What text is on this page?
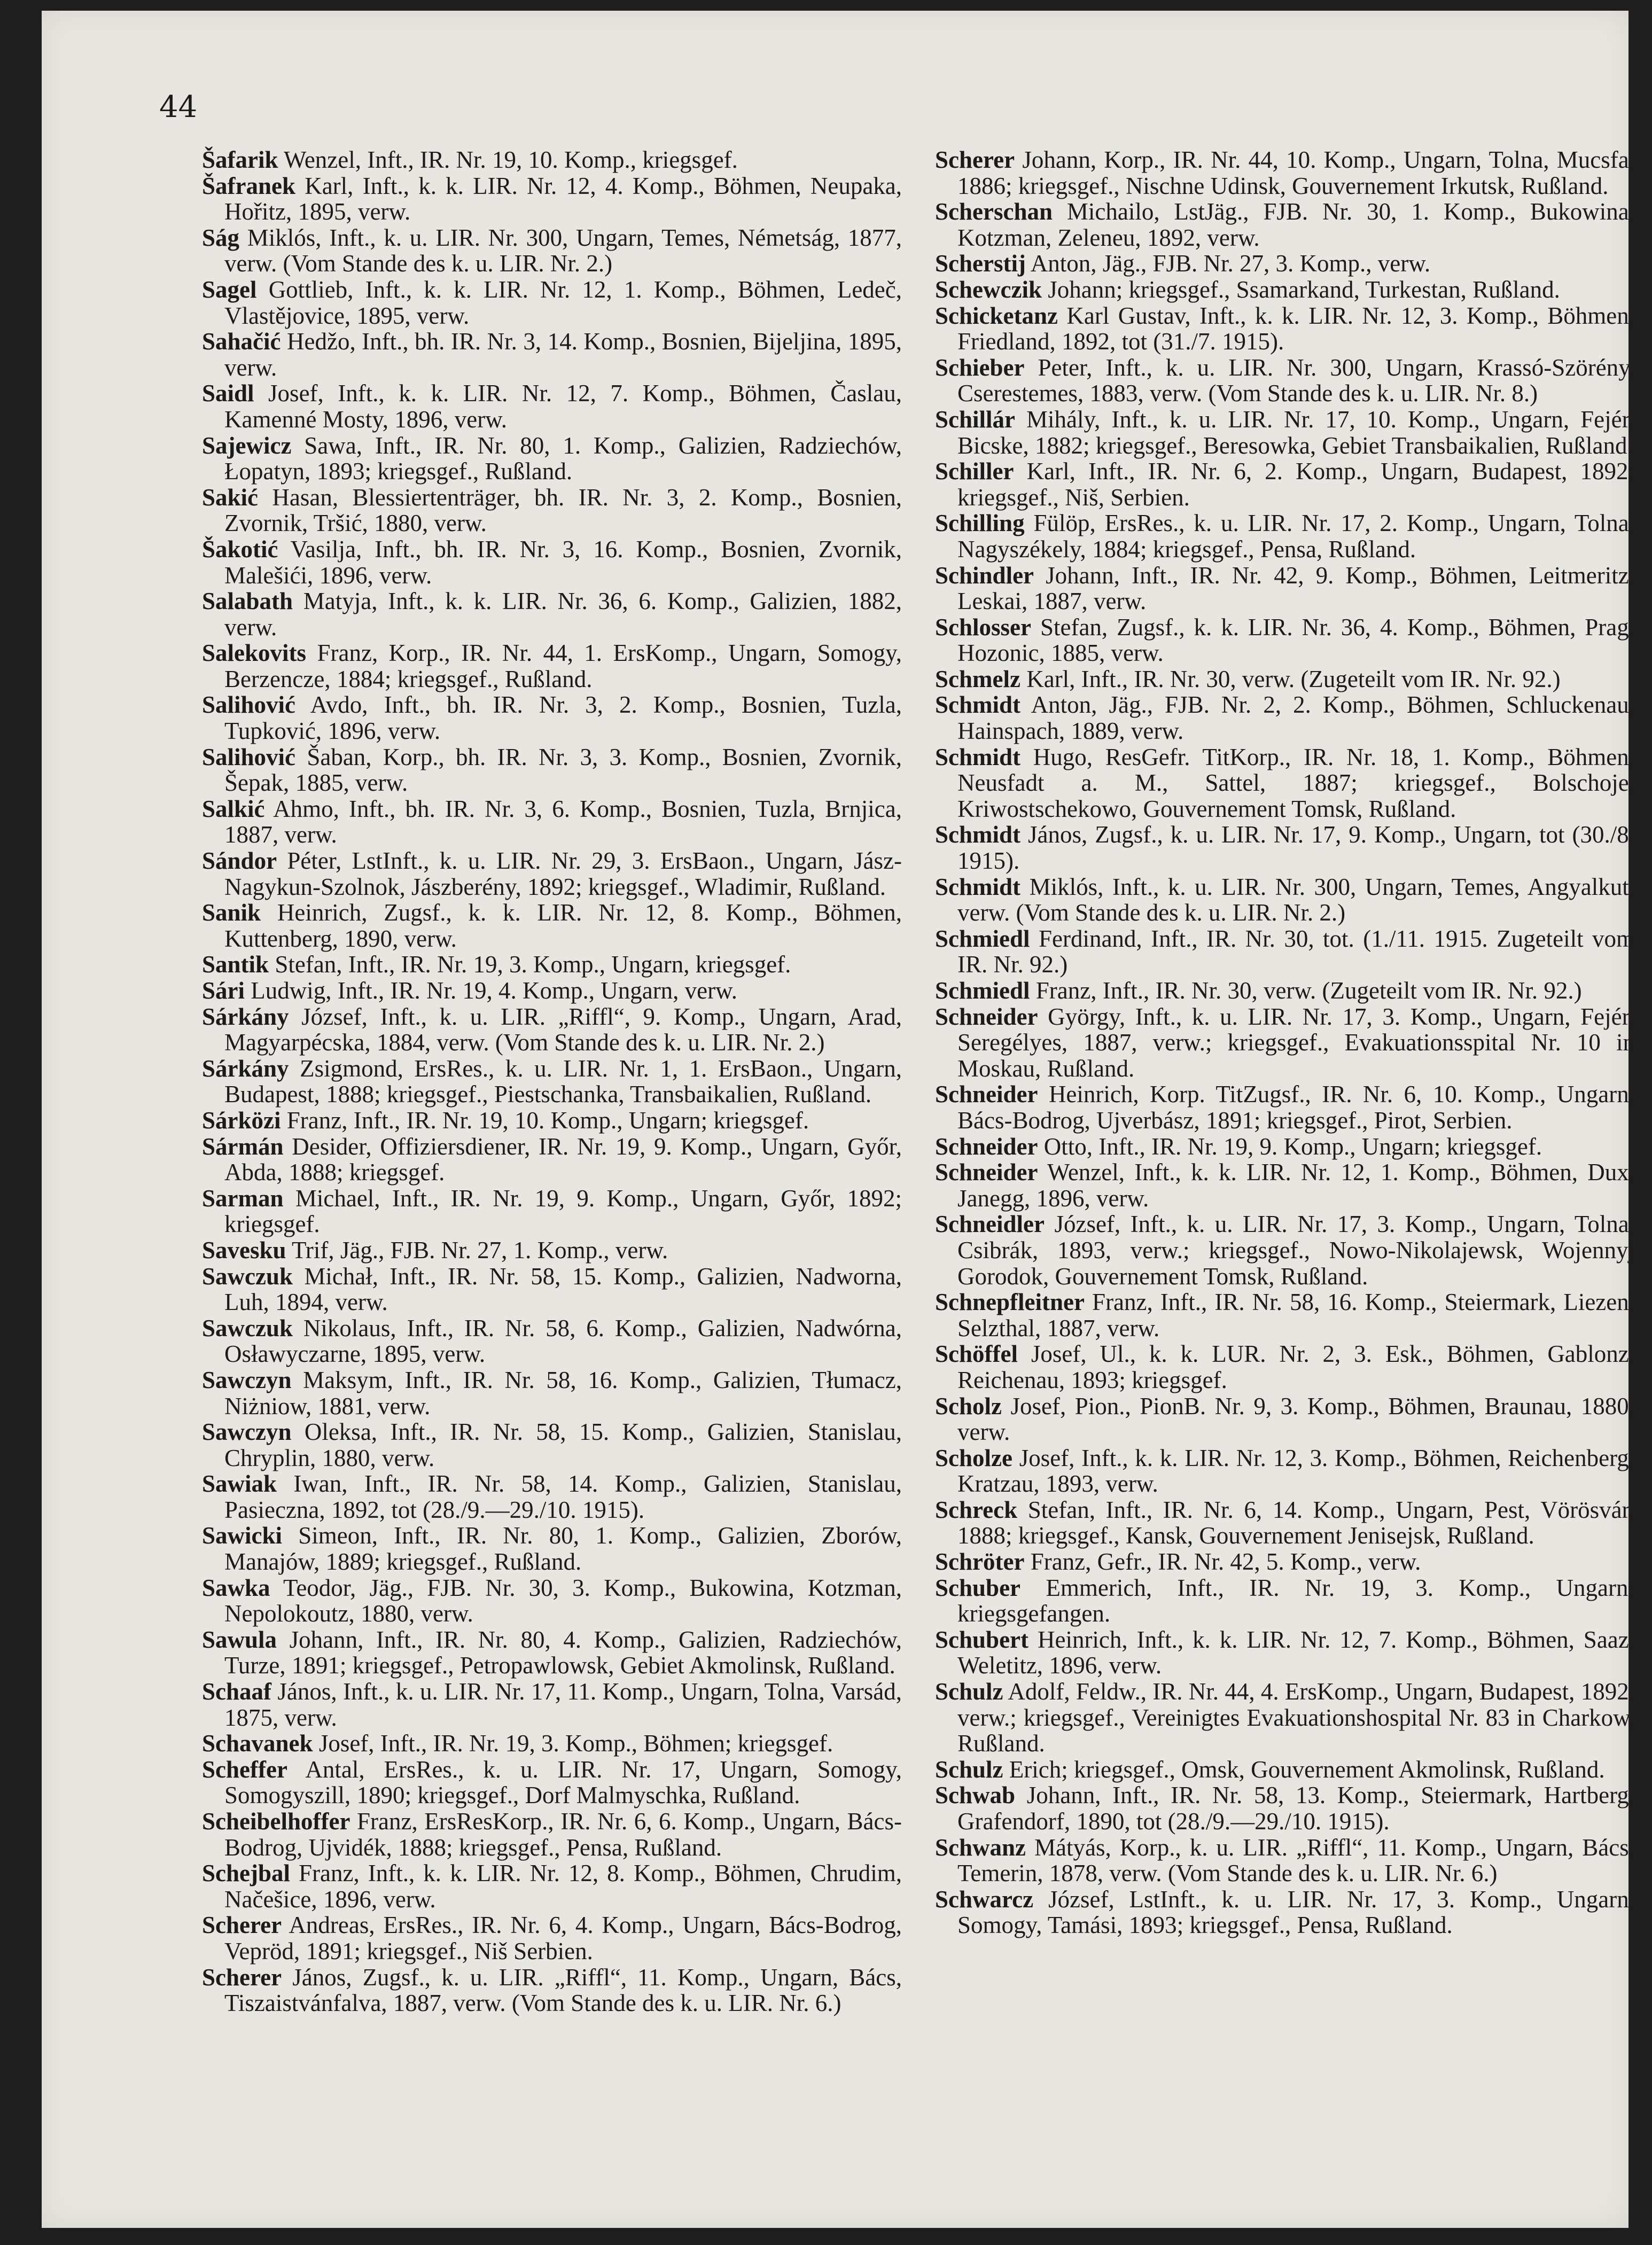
44

Šafarik Wenzel, Inft., IR. Nr. 19, 10. Komp., kriegsgef.

Šafranek Karl, Inft., k. k. LIR. Nr. 12, 4. Komp., Böhmen, Neupaka, Hořitz, 1895, verw.

Ság Miklós, Inft., k. u. LIR. Nr. 300, Ungarn, Temes, Németság, 1877, verw. (Vom Stande des k. u. LIR. Nr. 2.)

Sagel Gottlieb, Inft., k. k. LIR. Nr. 12, 1. Komp., Böhmen, Ledeč, Vlastějovice, 1895, verw.

Sahačić Hedžo, Inft., bh. IR. Nr. 3, 14. Komp., Bosnien, Bijeljina, 1895, verw.

Saidl Josef, Inft., k. k. LIR. Nr. 12, 7. Komp., Böhmen, Časlau, Kamenné Mosty, 1896, verw.

Sajewicz Sawa, Inft., IR. Nr. 80, 1. Komp., Galizien, Radziechów, Łopatyn, 1893; kriegsgef., Rußland.

Sakić Hasan, Blessiertenträger, bh. IR. Nr. 3, 2. Komp., Bosnien, Zvornik, Tršić, 1880, verw.

Šakotić Vasilja, Inft., bh. IR. Nr. 3, 16. Komp., Bosnien, Zvornik, Malešići, 1896, verw.

Salabath Matyja, Inft., k. k. LIR. Nr. 36, 6. Komp., Galizien, 1882, verw.

Salekovits Franz, Korp., IR. Nr. 44, 1. ErsKomp., Ungarn, Somogy, Berzencze, 1884; kriegsgef., Rußland.

Salihović Avdo, Inft., bh. IR. Nr. 3, 2. Komp., Bosnien, Tuzla, Tupković, 1896, verw.

Salihović Šaban, Korp., bh. IR. Nr. 3, 3. Komp., Bosnien, Zvornik, Šepak, 1885, verw.

Salkić Ahmo, Inft., bh. IR. Nr. 3, 6. Komp., Bosnien, Tuzla, Brnjica, 1887, verw.

Sándor Péter, LstInft., k. u. LIR. Nr. 29, 3. ErsBaon., Ungarn, Jász-Nagykun-Szolnok, Jászberény, 1892; kriegsgef., Wladimir, Rußland.

Sanik Heinrich, Zugsf., k. k. LIR. Nr. 12, 8. Komp., Böhmen, Kuttenberg, 1890, verw.

Santik Stefan, Inft., IR. Nr. 19, 3. Komp., Ungarn, kriegsgef.

Sári Ludwig, Inft., IR. Nr. 19, 4. Komp., Ungarn, verw.

Sárkány József, Inft., k. u. LIR. „Riffl“, 9. Komp., Ungarn, Arad, Magyarpécska, 1884, verw. (Vom Stande des k. u. LIR. Nr. 2.)

Sárkány Zsigmond, ErsRes., k. u. LIR. Nr. 1, 1. ErsBaon., Ungarn, Budapest, 1888; kriegsgef., Piestschanka, Transbaikalien, Rußland.

Sárközi Franz, Inft., IR. Nr. 19, 10. Komp., Ungarn; kriegsgef.

Sármán Desider, Offiziersdiener, IR. Nr. 19, 9. Komp., Ungarn, Győr, Abda, 1888; kriegsgef.

Sarman Michael, Inft., IR. Nr. 19, 9. Komp., Ungarn, Győr, 1892; kriegsgef.

Savesku Trif, Jäg., FJB. Nr. 27, 1. Komp., verw.

Sawczuk Michał, Inft., IR. Nr. 58, 15. Komp., Galizien, Nadworna, Luh, 1894, verw.

Sawczuk Nikolaus, Inft., IR. Nr. 58, 6. Komp., Galizien, Nadwórna, Osławyczarne, 1895, verw.

Sawczyn Maksym, Inft., IR. Nr. 58, 16. Komp., Galizien, Tłumacz, Niżniow, 1881, verw.

Sawczyn Oleksa, Inft., IR. Nr. 58, 15. Komp., Galizien, Stanislau, Chryplin, 1880, verw.

Sawiak Iwan, Inft., IR. Nr. 58, 14. Komp., Galizien, Stanislau, Pasieczna, 1892, tot (28./9.—29./10. 1915).

Sawicki Simeon, Inft., IR. Nr. 80, 1. Komp., Galizien, Zborów, Manajów, 1889; kriegsgef., Rußland.

Sawka Teodor, Jäg., FJB. Nr. 30, 3. Komp., Bukowina, Kotzman, Nepolokoutz, 1880, verw.

Sawula Johann, Inft., IR. Nr. 80, 4. Komp., Galizien, Radziechów, Turze, 1891; kriegsgef., Petropawlowsk, Gebiet Akmolinsk, Rußland.

Schaaf János, Inft., k. u. LIR. Nr. 17, 11. Komp., Ungarn, Tolna, Varsád, 1875, verw.

Schavanek Josef, Inft., IR. Nr. 19, 3. Komp., Böhmen; kriegsgef.

Scheffer Antal, ErsRes., k. u. LIR. Nr. 17, Ungarn, Somogy, Somogyszill, 1890; kriegsgef., Dorf Malmyschka, Rußland.

Scheibelhoffer Franz, ErsResKorp., IR. Nr. 6, 6. Komp., Ungarn, Bács-Bodrog, Ujvidék, 1888; kriegsgef., Pensa, Rußland.

Schejbal Franz, Inft., k. k. LIR. Nr. 12, 8. Komp., Böhmen, Chrudim, Načešice, 1896, verw.

Scherer Andreas, ErsRes., IR. Nr. 6, 4. Komp., Ungarn, Bács-Bodrog, Vepröd, 1891; kriegsgef., Niš Serbien.

Scherer János, Zugsf., k. u. LIR. „Riffl“, 11. Komp., Ungarn, Bács, Tiszaistvánfalva, 1887, verw. (Vom Stande des k. u. LIR. Nr. 6.)

Scherer Johann, Korp., IR. Nr. 44, 10. Komp., Ungarn, Tolna, Mucsfa, 1886; kriegsgef., Nischne Udinsk, Gouvernement Irkutsk, Rußland.

Scherschan Michailo, LstJäg., FJB. Nr. 30, 1. Komp., Bukowina, Kotzman, Zeleneu, 1892, verw.

Scherstij Anton, Jäg., FJB. Nr. 27, 3. Komp., verw.

Schewczik Johann; kriegsgef., Ssamarkand, Turkestan, Rußland.

Schicketanz Karl Gustav, Inft., k. k. LIR. Nr. 12, 3. Komp., Böhmen, Friedland, 1892, tot (31./7. 1915).

Schieber Peter, Inft., k. u. LIR. Nr. 300, Ungarn, Krassó-Szörény, Cserestemes, 1883, verw. (Vom Stande des k. u. LIR. Nr. 8.)

Schillár Mihály, Inft., k. u. LIR. Nr. 17, 10. Komp., Ungarn, Fejér, Bicske, 1882; kriegsgef., Beresowka, Gebiet Transbaikalien, Rußland.

Schiller Karl, Inft., IR. Nr. 6, 2. Komp., Ungarn, Budapest, 1892; kriegsgef., Niš, Serbien.

Schilling Fülöp, ErsRes., k. u. LIR. Nr. 17, 2. Komp., Ungarn, Tolna, Nagyszékely, 1884; kriegsgef., Pensa, Rußland.

Schindler Johann, Inft., IR. Nr. 42, 9. Komp., Böhmen, Leitmeritz, Leskai, 1887, verw.

Schlosser Stefan, Zugsf., k. k. LIR. Nr. 36, 4. Komp., Böhmen, Prag, Hozonic, 1885, verw.

Schmelz Karl, Inft., IR. Nr. 30, verw. (Zugeteilt vom IR. Nr. 92.)

Schmidt Anton, Jäg., FJB. Nr. 2, 2. Komp., Böhmen, Schluckenau, Hainspach, 1889, verw.

Schmidt Hugo, ResGefr. TitKorp., IR. Nr. 18, 1. Komp., Böhmen, Neusfadt a. M., Sattel, 1887; kriegsgef., Bolschoje, Kriwostschekowo, Gouvernement Tomsk, Rußland.

Schmidt János, Zugsf., k. u. LIR. Nr. 17, 9. Komp., Ungarn, tot (30./8. 1915).

Schmidt Miklós, Inft., k. u. LIR. Nr. 300, Ungarn, Temes, Angyalkut, verw. (Vom Stande des k. u. LIR. Nr. 2.)

Schmiedl Ferdinand, Inft., IR. Nr. 30, tot. (1./11. 1915. Zugeteilt vom IR. Nr. 92.)

Schmiedl Franz, Inft., IR. Nr. 30, verw. (Zugeteilt vom IR. Nr. 92.)

Schneider György, Inft., k. u. LIR. Nr. 17, 3. Komp., Ungarn, Fejér, Seregélyes, 1887, verw.; kriegsgef., Evakuationsspital Nr. 10 in Moskau, Rußland.

Schneider Heinrich, Korp. TitZugsf., IR. Nr. 6, 10. Komp., Ungarn, Bács-Bodrog, Ujverbász, 1891; kriegsgef., Pirot, Serbien.

Schneider Otto, Inft., IR. Nr. 19, 9. Komp., Ungarn; kriegsgef.

Schneider Wenzel, Inft., k. k. LIR. Nr. 12, 1. Komp., Böhmen, Dux, Janegg, 1896, verw.

Schneidler József, Inft., k. u. LIR. Nr. 17, 3. Komp., Ungarn, Tolna, Csibrák, 1893, verw.; kriegsgef., Nowo-Nikolajewsk, Wojennyj Gorodok, Gouvernement Tomsk, Rußland.

Schnepfleitner Franz, Inft., IR. Nr. 58, 16. Komp., Steiermark, Liezen, Selzthal, 1887, verw.

Schöffel Josef, Ul., k. k. LUR. Nr. 2, 3. Esk., Böhmen, Gablonz, Reichenau, 1893; kriegsgef.

Scholz Josef, Pion., PionB. Nr. 9, 3. Komp., Böhmen, Braunau, 1880, verw.

Scholze Josef, Inft., k. k. LIR. Nr. 12, 3. Komp., Böhmen, Reichenberg, Kratzau, 1893, verw.

Schreck Stefan, Inft., IR. Nr. 6, 14. Komp., Ungarn, Pest, Vörösvár, 1888; kriegsgef., Kansk, Gouvernement Jenisejsk, Rußland.

Schröter Franz, Gefr., IR. Nr. 42, 5. Komp., verw.

Schuber Emmerich, Inft., IR. Nr. 19, 3. Komp., Ungarn; kriegsgefangen.

Schubert Heinrich, Inft., k. k. LIR. Nr. 12, 7. Komp., Böhmen, Saaz, Weletitz, 1896, verw.

Schulz Adolf, Feldw., IR. Nr. 44, 4. ErsKomp., Ungarn, Budapest, 1892, verw.; kriegsgef., Vereinigtes Evakuationshospital Nr. 83 in Charkow, Rußland.

Schulz Erich; kriegsgef., Omsk, Gouvernement Akmolinsk, Rußland.

Schwab Johann, Inft., IR. Nr. 58, 13. Komp., Steiermark, Hartberg, Grafendorf, 1890, tot (28./9.—29./10. 1915).

Schwanz Mátyás, Korp., k. u. LIR. „Riffl“, 11. Komp., Ungarn, Bács, Temerin, 1878, verw. (Vom Stande des k. u. LIR. Nr. 6.)

Schwarcz József, LstInft., k. u. LIR. Nr. 17, 3. Komp., Ungarn, Somogy, Tamási, 1893; kriegsgef., Pensa, Rußland.
